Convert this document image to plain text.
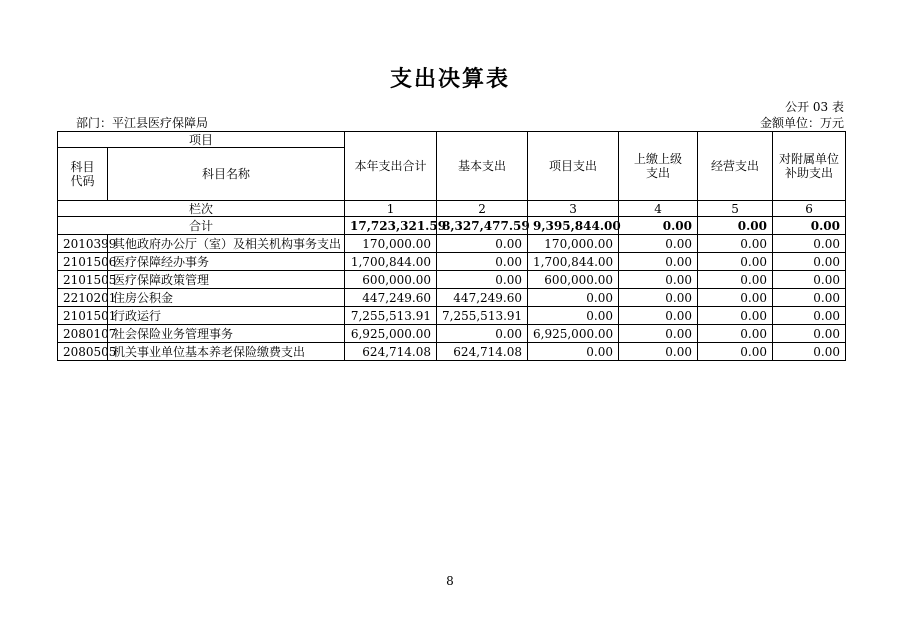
支出决算表
公开 03 表
部门：平江县医疗保障局	金额单位：万元
项目		本年支出合计	基本支出	项目支出	上缴上级支出	经营支出	对附属单位补助支出
科目代码	科目名称						
栏次		1	2	3	4	5	6
合计		17,723,321.59	8,327,477.59	9,395,844.00	0.00	0.00	0.00
2010399	其他政府办公厅（室）及相关机构事务支出	170,000.00	0.00	170,000.00	0.00	0.00	0.00
2101506	医疗保障经办事务	1,700,844.00	0.00	1,700,844.00	0.00	0.00	0.00
2101505	医疗保障政策管理	600,000.00	0.00	600,000.00	0.00	0.00	0.00
2210201	住房公积金	447,249.60	447,249.60	0.00	0.00	0.00	0.00
2101501	行政运行	7,255,513.91	7,255,513.91	0.00	0.00	0.00	0.00
2080107	社会保险业务管理事务	6,925,000.00	0.00	6,925,000.00	0.00	0.00	0.00
2080505	机关事业单位基本养老保险缴费支出	624,714.08	624,714.08	0.00	0.00	0.00	0.00
8
